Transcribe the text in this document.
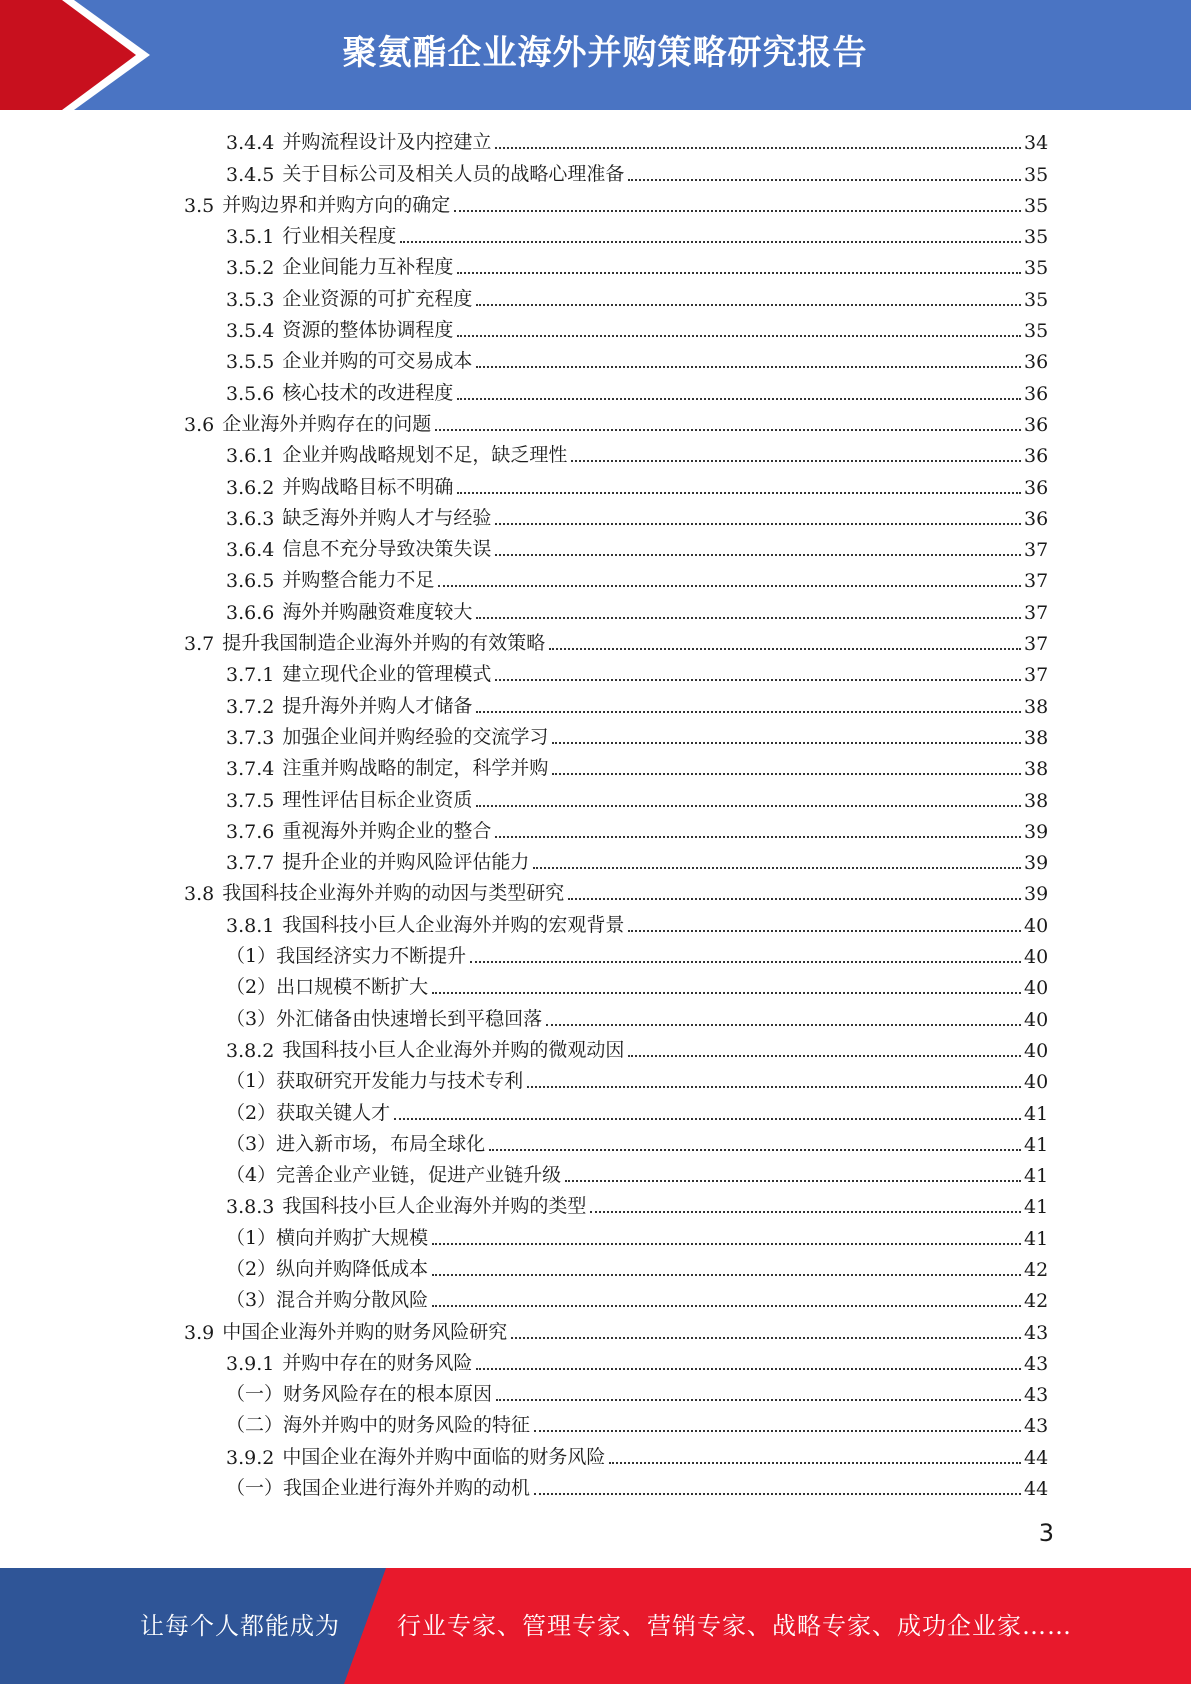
聚氨酯企业海外并购策略研究报告
3.4.4 并购流程设计及内控建立	34
3.4.5 关于目标公司及相关人员的战略心理准备	35
3.5 并购边界和并购方向的确定	35
3.5.1 行业相关程度	35
3.5.2 企业间能力互补程度	35
3.5.3 企业资源的可扩充程度	35
3.5.4 资源的整体协调程度	35
3.5.5 企业并购的可交易成本	36
3.5.6 核心技术的改进程度	36
3.6 企业海外并购存在的问题	36
3.6.1 企业并购战略规划不足，缺乏理性	36
3.6.2 并购战略目标不明确	36
3.6.3 缺乏海外并购人才与经验	36
3.6.4 信息不充分导致决策失误	37
3.6.5 并购整合能力不足	37
3.6.6 海外并购融资难度较大	37
3.7 提升我国制造企业海外并购的有效策略	37
3.7.1 建立现代企业的管理模式	37
3.7.2 提升海外并购人才储备	38
3.7.3 加强企业间并购经验的交流学习	38
3.7.4 注重并购战略的制定，科学并购	38
3.7.5 理性评估目标企业资质	38
3.7.6 重视海外并购企业的整合	39
3.7.7 提升企业的并购风险评估能力	39
3.8 我国科技企业海外并购的动因与类型研究	39
3.8.1 我国科技小巨人企业海外并购的宏观背景	40
（1） 我国经济实力不断提升	40
（2） 出口规模不断扩大	40
（3） 外汇储备由快速增长到平稳回落	40
3.8.2 我国科技小巨人企业海外并购的微观动因	40
（1） 获取研究开发能力与技术专利	40
（2） 获取关键人才	41
（3） 进入新市场，布局全球化	41
（4） 完善企业产业链，促进产业链升级	41
3.8.3 我国科技小巨人企业海外并购的类型	41
（1） 横向并购扩大规模	41
（2） 纵向并购降低成本	42
（3） 混合并购分散风险	42
3.9 中国企业海外并购的财务风险研究	43
3.9.1 并购中存在的财务风险	43
（一） 财务风险存在的根本原因	43
（二） 海外并购中的财务风险的特征	43
3.9.2 中国企业在海外并购中面临的财务风险	44
（一） 我国企业进行海外并购的动机	44
3
让每个人都能成为 行业专家、管理专家、营销专家、战略专家、成功企业家……
